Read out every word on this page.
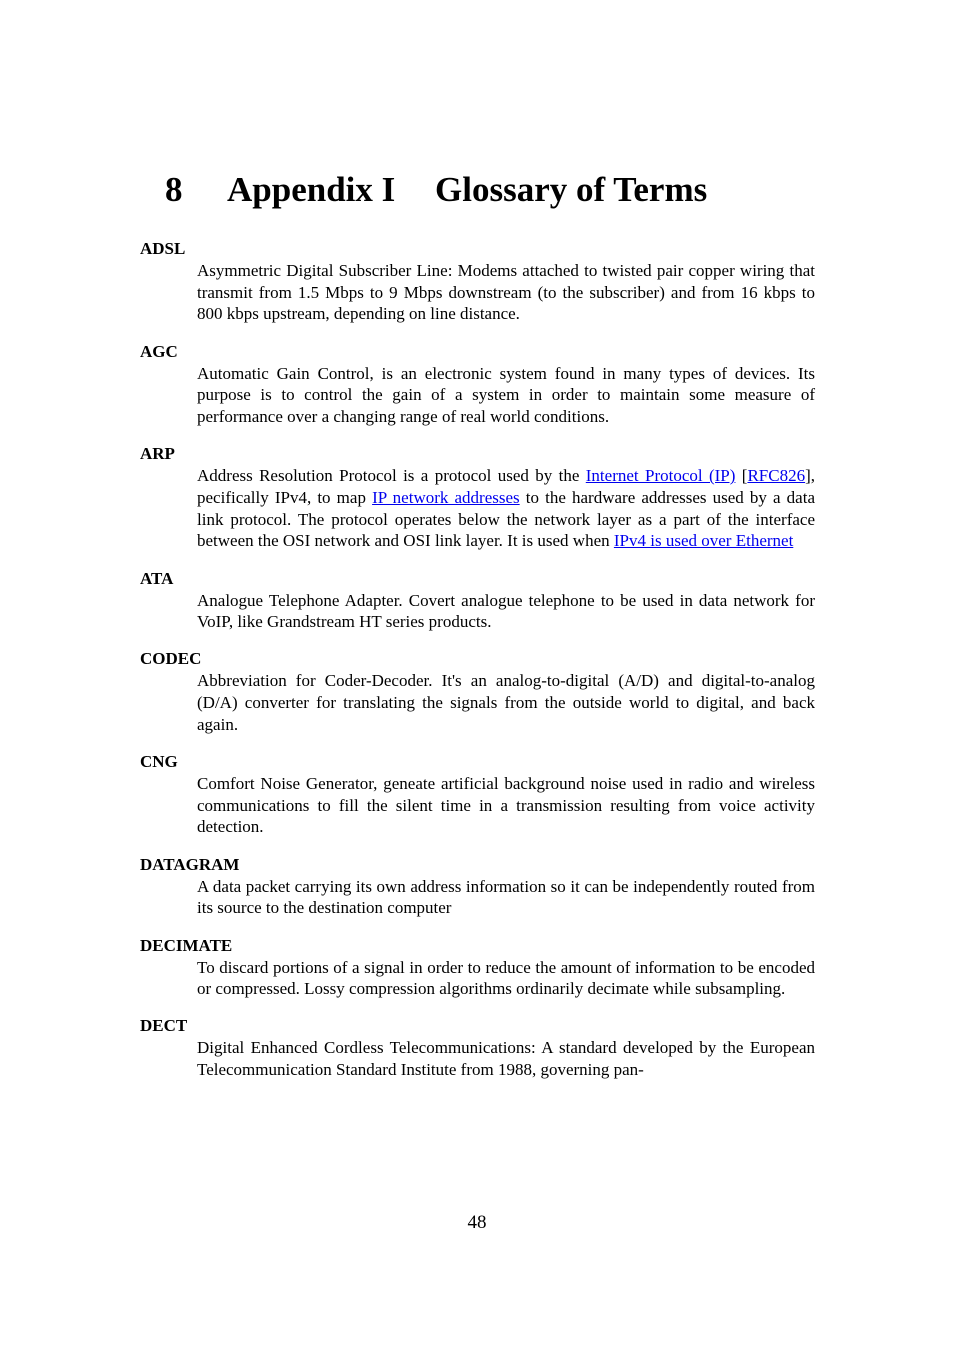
8 Appendix I Glossary of Terms
ADSL
Asymmetric Digital Subscriber Line: Modems attached to twisted pair copper wiring that transmit from 1.5 Mbps to 9 Mbps downstream (to the subscriber) and from 16 kbps to 800 kbps upstream, depending on line distance.
AGC
Automatic Gain Control, is an electronic system found in many types of devices. Its purpose is to control the gain of a system in order to maintain some measure of performance over a changing range of real world conditions.
ARP
Address Resolution Protocol is a protocol used by the Internet Protocol (IP) [RFC826], pecifically IPv4, to map IP network addresses to the hardware addresses used by a data link protocol. The protocol operates below the network layer as a part of the interface between the OSI network and OSI link layer. It is used when IPv4 is used over Ethernet
ATA
Analogue Telephone Adapter. Covert analogue telephone to be used in data network for VoIP, like Grandstream HT series products.
CODEC
Abbreviation for Coder-Decoder. It's an analog-to-digital (A/D) and digital-to-analog (D/A) converter for translating the signals from the outside world to digital, and back again.
CNG
Comfort Noise Generator, geneate artificial background noise used in radio and wireless communications to fill the silent time in a transmission resulting from voice activity detection.
DATAGRAM
A data packet carrying its own address information so it can be independently routed from its source to the destination computer
DECIMATE
To discard portions of a signal in order to reduce the amount of information to be encoded or compressed. Lossy compression algorithms ordinarily decimate while subsampling.
DECT
Digital Enhanced Cordless Telecommunications: A standard developed by the European Telecommunication Standard Institute from 1988, governing pan-
48
